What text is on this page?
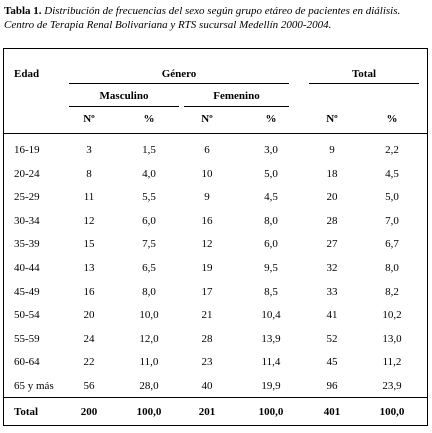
Tabla 1. Distribución de frecuencias del sexo según grupo etáreo de pacientes en diálisis.
Centro de Terapia Renal Bolivariana y RTS sucursal Medellín 2000-2004.
Edad	Género	Total
Masculino	Femenino
Nº	%	Nº	%	Nº	%
16-19	3	1,5	6	3,0	9	2,2
20-24	8	4,0	10	5,0	18	4,5
25-29	11	5,5	9	4,5	20	5,0
30-34	12	6,0	16	8,0	28	7,0
35-39	15	7,5	12	6,0	27	6,7
40-44	13	6,5	19	9,5	32	8,0
45-49	16	8,0	17	8,5	33	8,2
50-54	20	10,0	21	10,4	41	10,2
55-59	24	12,0	28	13,9	52	13,0
60-64	22	11,0	23	11,4	45	11,2
65 y más	56	28,0	40	19,9	96	23,9
Total	200	100,0	201	100,0	401	100,0
